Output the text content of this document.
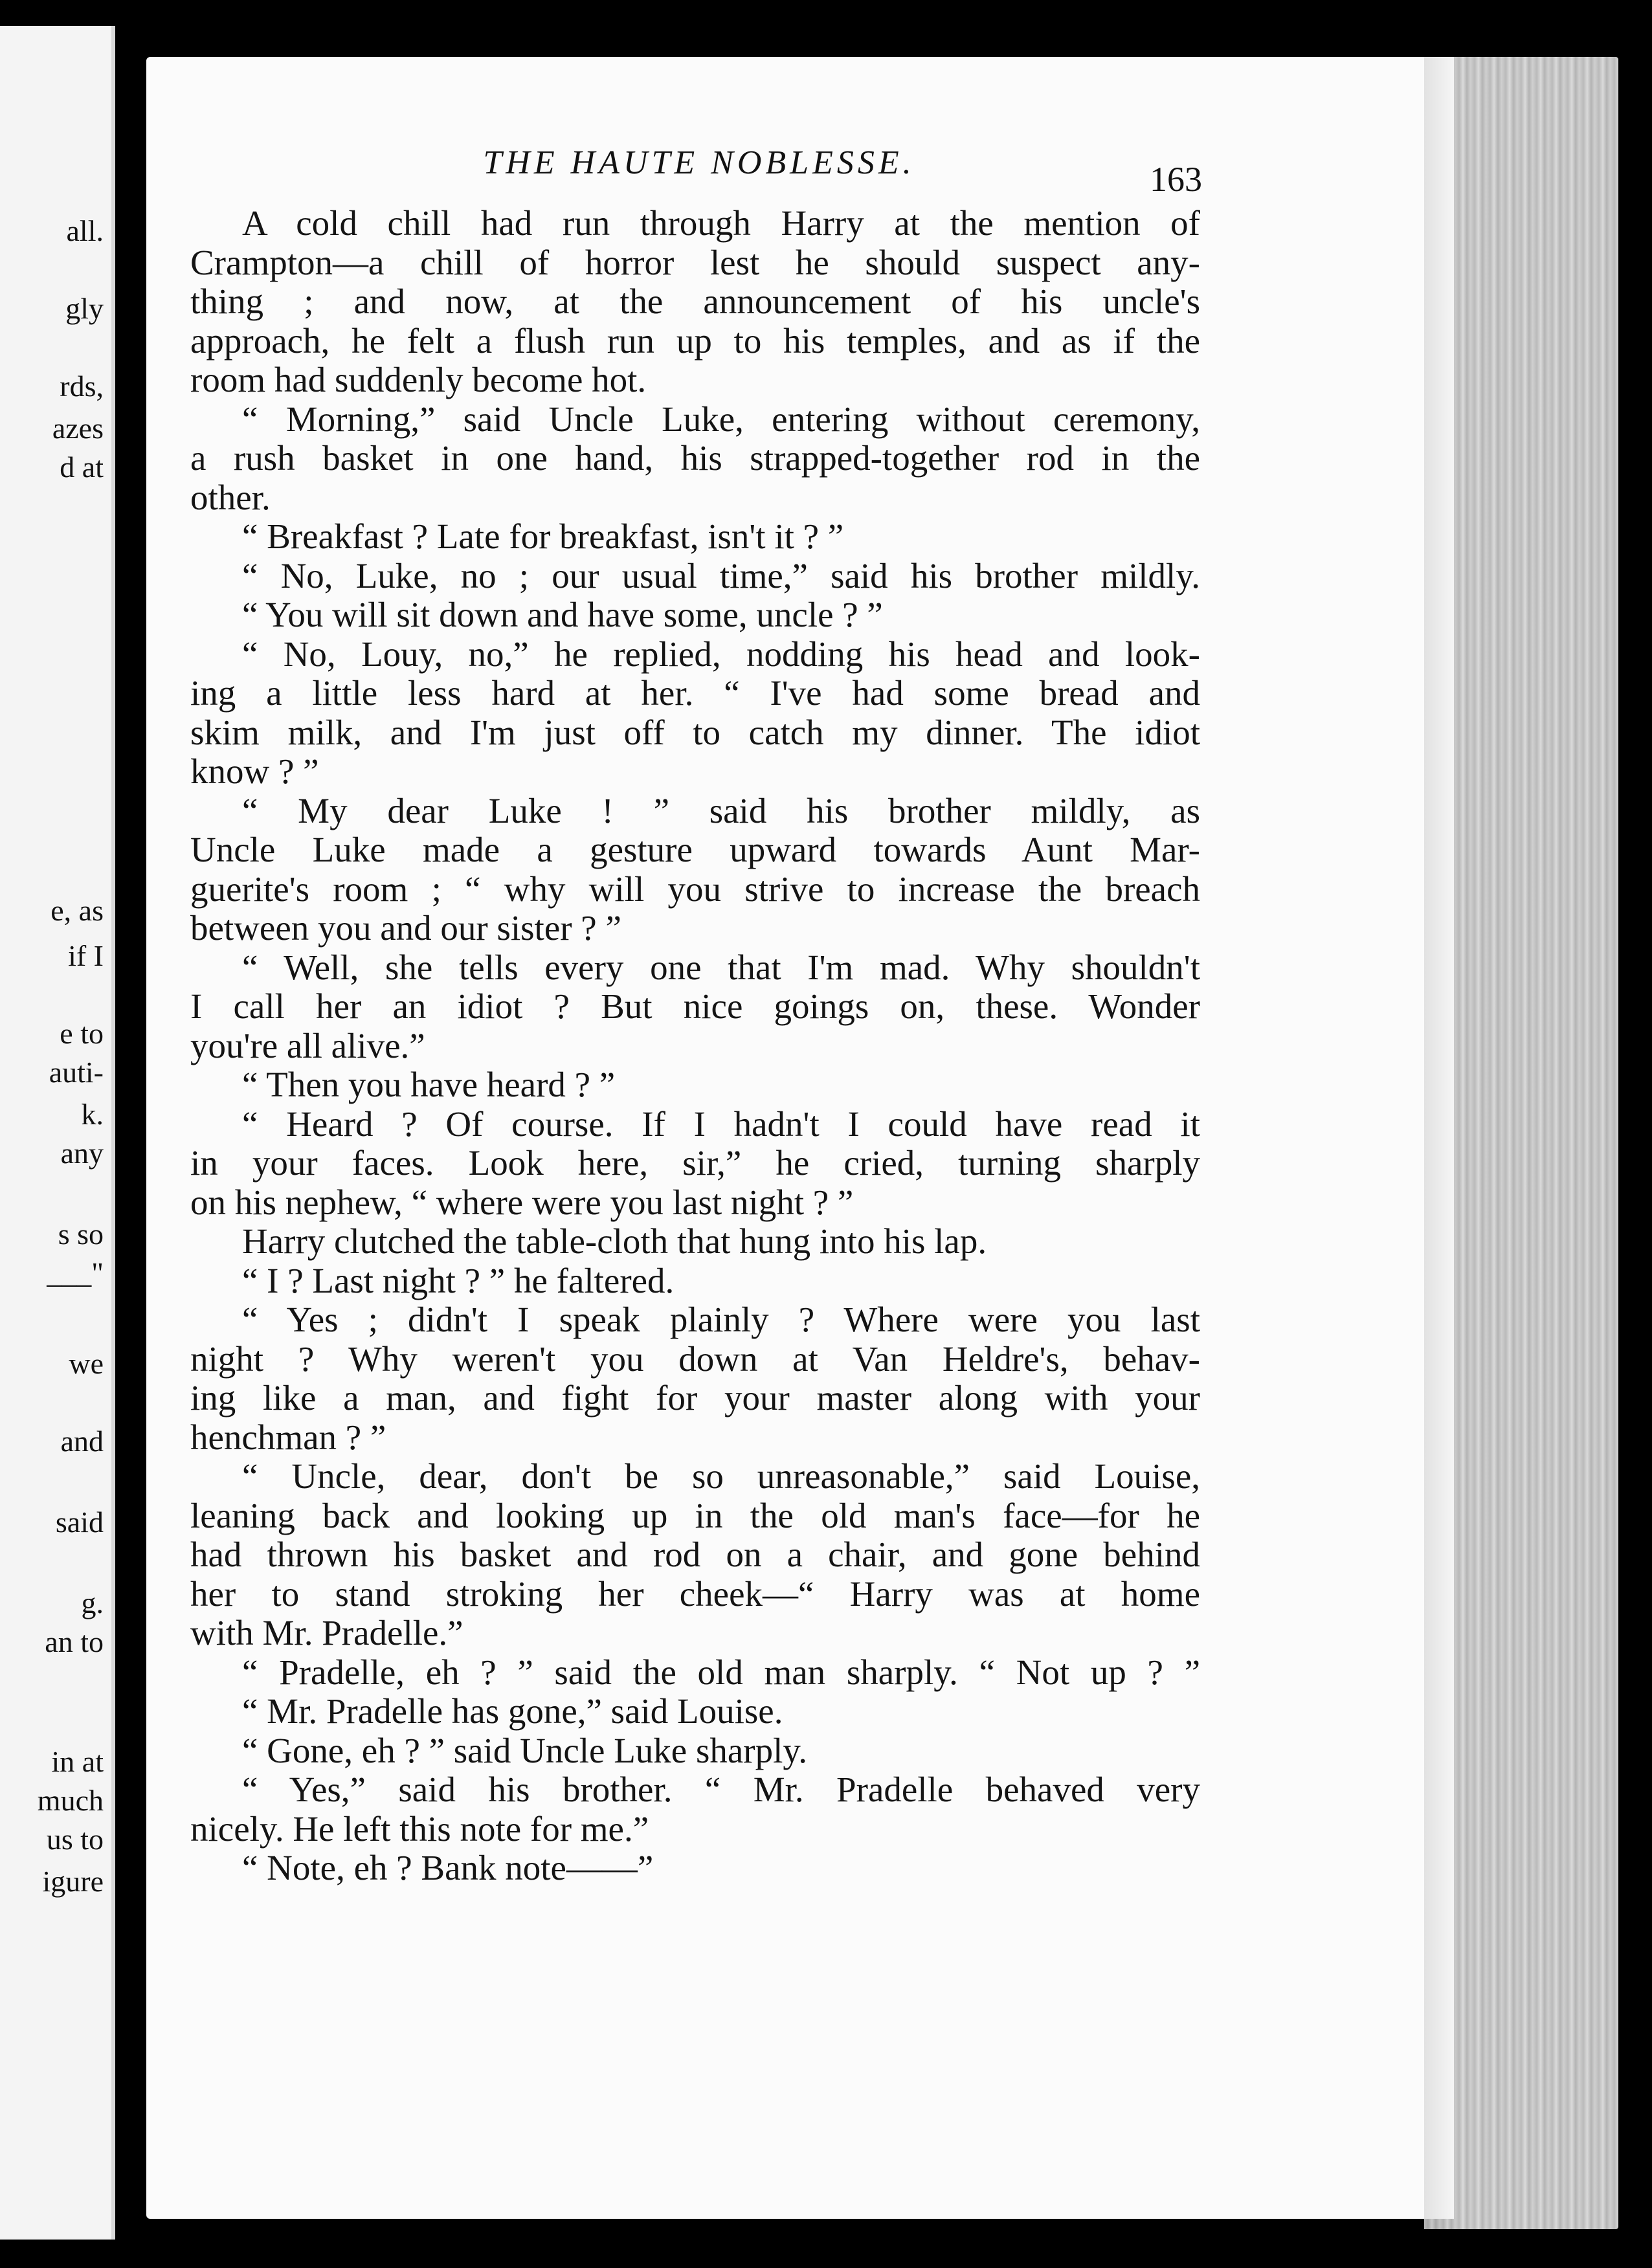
all.
gly
rds,
azes
d at
e, as
if I
e to
auti-
k.
any
s so
___"
we
and
said
g.
an to
in at
much
us to
igure
THE HAUTE NOBLESSE.	163
A cold chill had run through Harry at the mention of
Crampton—a chill of horror lest he should suspect any-
thing ; and now, at the announcement of his uncle's
approach, he felt a flush run up to his temples, and as if the
room had suddenly become hot.
“ Morning,” said Uncle Luke, entering without ceremony,
a rush basket in one hand, his strapped-together rod in the
other.
“ Breakfast ? Late for breakfast, isn't it ? ”
“ No, Luke, no ; our usual time,” said his brother mildly.
“ You will sit down and have some, uncle ? ”
“ No, Louy, no,” he replied, nodding his head and look-
ing a little less hard at her. “ I've had some bread and
skim milk, and I'm just off to catch my dinner. The idiot
know ? ”
“ My dear Luke ! ” said his brother mildly, as
Uncle Luke made a gesture upward towards Aunt Mar-
guerite's room ; “ why will you strive to increase the breach
between you and our sister ? ”
“ Well, she tells every one that I'm mad. Why shouldn't
I call her an idiot ? But nice goings on, these. Wonder
you're all alive.”
“ Then you have heard ? ”
“ Heard ? Of course. If I hadn't I could have read it
in your faces. Look here, sir,” he cried, turning sharply
on his nephew, “ where were you last night ? ”
Harry clutched the table-cloth that hung into his lap.
“ I ? Last night ? ” he faltered.
“ Yes ; didn't I speak plainly ? Where were you last
night ? Why weren't you down at Van Heldre's, behav-
ing like a man, and fight for your master along with your
henchman ? ”
“ Uncle, dear, don't be so unreasonable,” said Louise,
leaning back and looking up in the old man's face—for he
had thrown his basket and rod on a chair, and gone behind
her to stand stroking her cheek—“ Harry was at home
with Mr. Pradelle.”
“ Pradelle, eh ? ” said the old man sharply. “ Not up ? ”
“ Mr. Pradelle has gone,” said Louise.
“ Gone, eh ? ” said Uncle Luke sharply.
“ Yes,” said his brother. “ Mr. Pradelle behaved very
nicely. He left this note for me.”
“ Note, eh ? Bank note——”
